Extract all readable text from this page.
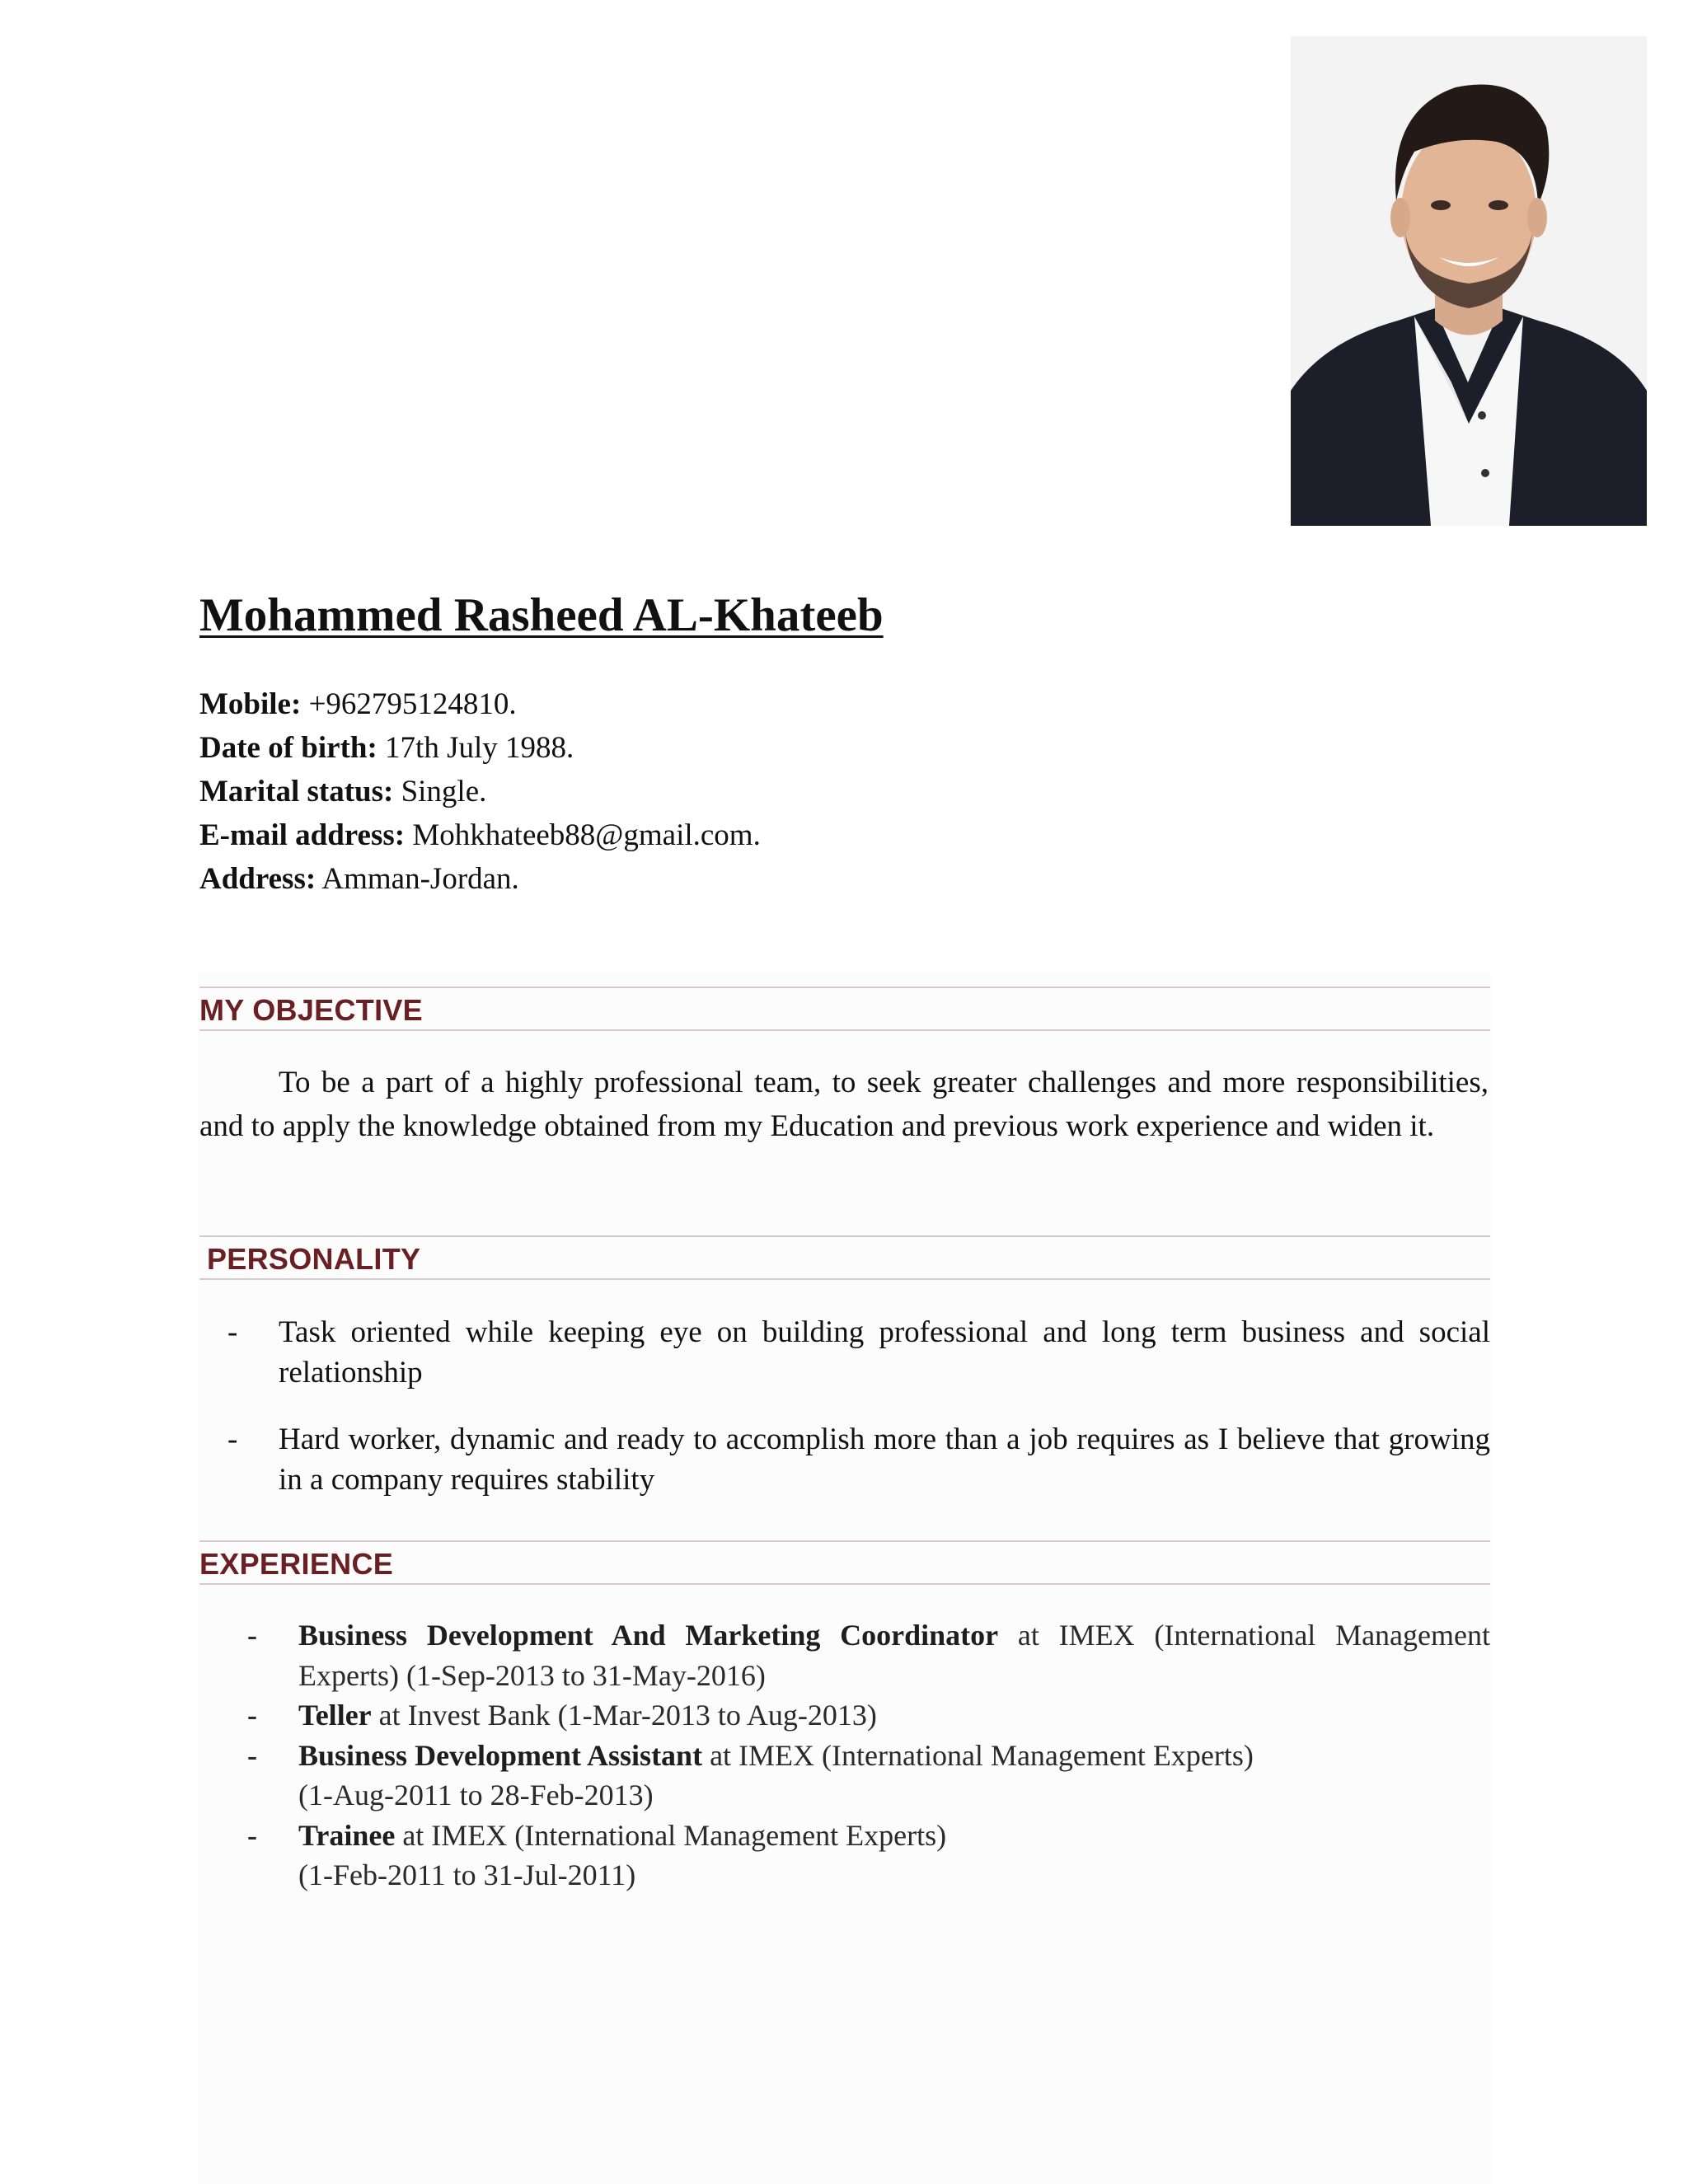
Mohammed Rasheed AL-Khateeb
Mobile: +962795124810.
Date of birth: 17th July 1988.
Marital status: Single.
E-mail address: Mohkhateeb88@gmail.com.
Address: Amman-Jordan.
MY OBJECTIVE

To be a part of a highly professional team, to seek greater challenges and more responsibilities, and to apply the knowledge obtained from my Education and previous work experience and widen it.

PERSONALITY
- Task oriented while keeping eye on building professional and long term business and social relationship
- Hard worker, dynamic and ready to accomplish more than a job requires as I believe that growing in a company requires stability
EXPERIENCE
- Business Development And Marketing Coordinator at IMEX (International Management Experts) (1-Sep-2013 to 31-May-2016)
- Teller at Invest Bank (1-Mar-2013 to Aug-2013)
- Business Development Assistant at IMEX (International Management Experts)
(1-Aug-2011 to 28-Feb-2013)
- Trainee at IMEX (International Management Experts)
(1-Feb-2011 to 31-Jul-2011)
